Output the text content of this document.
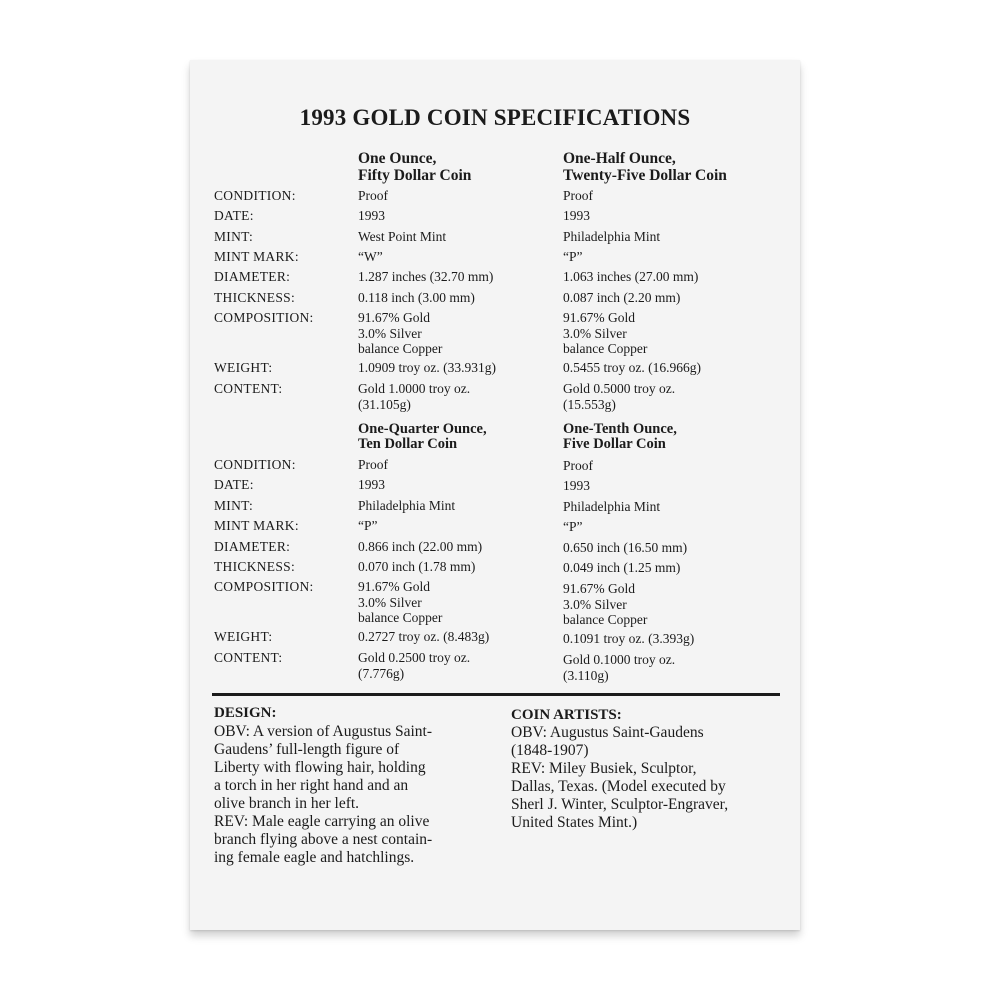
1993 GOLD COIN SPECIFICATIONS
One Ounce,
Fifty Dollar Coin
One-Half Ounce,
Twenty-Five Dollar Coin
CONDITION:
DATE:
MINT:
MINT MARK:
DIAMETER:
THICKNESS:
COMPOSITION:
WEIGHT:
CONTENT:
Proof
1993
West Point Mint
“W”
1.287 inches (32.70 mm)
0.118 inch (3.00 mm)
91.67% Gold
3.0% Silver
balance Copper
1.0909 troy oz. (33.931g)
Gold 1.0000 troy oz.
(31.105g)
Proof
1993
Philadelphia Mint
“P”
1.063 inches (27.00 mm)
0.087 inch (2.20 mm)
91.67% Gold
3.0% Silver
balance Copper
0.5455 troy oz. (16.966g)
Gold 0.5000 troy oz.
(15.553g)
One-Quarter Ounce,
Ten Dollar Coin
One-Tenth Ounce,
Five Dollar Coin
CONDITION:
DATE:
MINT:
MINT MARK:
DIAMETER:
THICKNESS:
COMPOSITION:
WEIGHT:
CONTENT:
Proof
1993
Philadelphia Mint
“P”
0.866 inch (22.00 mm)
0.070 inch (1.78 mm)
91.67% Gold
3.0% Silver
balance Copper
0.2727 troy oz. (8.483g)
Gold 0.2500 troy oz.
(7.776g)
Proof
1993
Philadelphia Mint
“P”
0.650 inch (16.50 mm)
0.049 inch (1.25 mm)
91.67% Gold
3.0% Silver
balance Copper
0.1091 troy oz. (3.393g)
Gold 0.1000 troy oz.
(3.110g)
DESIGN:
OBV: A version of Augustus Saint-
Gaudens’ full-length figure of
Liberty with flowing hair, holding
a torch in her right hand and an
olive branch in her left.
REV: Male eagle carrying an olive
branch flying above a nest contain-
ing female eagle and hatchlings.
COIN ARTISTS:
OBV: Augustus Saint-Gaudens
(1848-1907)
REV: Miley Busiek, Sculptor,
Dallas, Texas. (Model executed by
Sherl J. Winter, Sculptor-Engraver,
United States Mint.)
